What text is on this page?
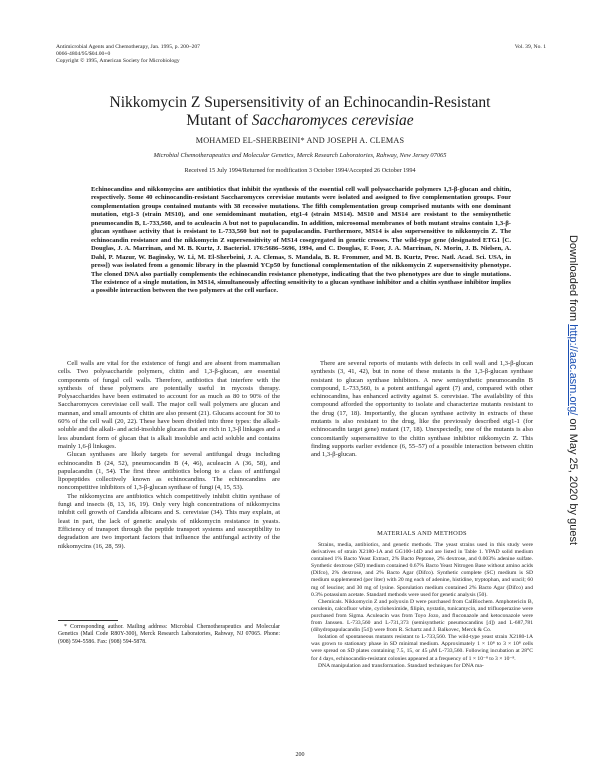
Antimicrobial Agents and Chemotherapy, Jan. 1995, p. 200–207
0066-4804/95/$04.00+0
Copyright © 1995, American Society for Microbiology
Vol. 39, No. 1
Nikkomycin Z Supersensitivity of an Echinocandin-Resistant
Mutant of Saccharomyces cerevisiae
MOHAMED EL-SHERBEINI* AND JOSEPH A. CLEMAS
Microbial Chemotherapeutics and Molecular Genetics, Merck Research Laboratories, Rahway, New Jersey 07065
Received 15 July 1994/Returned for modification 3 October 1994/Accepted 26 October 1994
Echinocandins and nikkomycins are antibiotics that inhibit the synthesis of the essential cell wall polysaccharide polymers 1,3-β-glucan and chitin, respectively. Some 40 echinocandin-resistant Saccharomyces cerevisiae mutants were isolated and assigned to five complementation groups. Four complementation groups contained mutants with 38 recessive mutations. The fifth complementation group comprised mutants with one dominant mutation, etg1-3 (strain MS10), and one semidominant mutation, etg1-4 (strain MS14). MS10 and MS14 are resistant to the semisynthetic pneumocandin B, L-733,560, and to aculeacin A but not to papulacandin. In addition, microsomal membranes of both mutant strains contain 1,3-β-glucan synthase activity that is resistant to L-733,560 but not to papulacandin. Furthermore, MS14 is also supersensitive to nikkomycin Z. The echinocandin resistance and the nikkomycin Z supersensitivity of MS14 cosegregated in genetic crosses. The wild-type gene (designated ETG1 [C. Douglas, J. A. Marrinan, and M. B. Kurtz, J. Bacteriol. 176:5686–5696, 1994, and C. Douglas, F. Foor, J. A. Marrinan, N. Morin, J. B. Nielsen, A. Dahl, P. Mazur, W. Baginsky, W. Li, M. El-Sherbeini, J. A. Clemas, S. Mandala, B. R. Frommer, and M. B. Kurtz, Proc. Natl. Acad. Sci. USA, in press]) was isolated from a genomic library in the plasmid YCp50 by functional complementation of the nikkomycin Z supersensitivity phenotype. The cloned DNA also partially complements the echinocandin resistance phenotype, indicating that the two phenotypes are due to single mutations. The existence of a single mutation, in MS14, simultaneously affecting sensitivity to a glucan synthase inhibitor and a chitin synthase inhibitor implies a possible interaction between the two polymers at the cell surface.

Cell walls are vital for the existence of fungi and are absent from mammalian cells. Two polysaccharide polymers, chitin and 1,3-β-glucan, are essential components of fungal cell walls. Therefore, antibiotics that interfere with the synthesis of these polymers are potentially useful in mycosis therapy. Polysaccharides have been estimated to account for as much as 80 to 90% of the Saccharomyces cerevisiae cell wall. The major cell wall polymers are glucan and mannan, and small amounts of chitin are also present (21). Glucans account for 30 to 60% of the cell wall (20, 22). These have been divided into three types: the alkali-soluble and the alkali- and acid-insoluble glucans that are rich in 1,3-β linkages and a less abundant form of glucan that is alkali insoluble and acid soluble and contains mainly 1,6-β linkages.

Glucan synthases are likely targets for several antifungal drugs including echinocandin B (24, 52), pneumocandin B (4, 46), aculeacin A (36, 58), and papulacandin (1, 54). The first three antibiotics belong to a class of antifungal lipopeptides collectively known as echinocandins. The echinocandins are noncompetitive inhibitors of 1,3-β-glucan synthase of fungi (4, 15, 53).

The nikkomycins are antibiotics which competitively inhibit chitin synthase of fungi and insects (8, 13, 16, 19). Only very high concentrations of nikkomycins inhibit cell growth of Candida albicans and S. cerevisiae (34). This may explain, at least in part, the lack of genetic analysis of nikkomycin resistance in yeasts. Efficiency of transport through the peptide transport systems and susceptibility to degradation are two important factors that influence the antifungal activity of the nikkomycins (16, 28, 59).

* Corresponding author. Mailing address: Microbial Chemotherapeutics and Molecular Genetics (Mail Code R80Y-300), Merck Research Laboratories, Rahway, NJ 07065. Phone: (908) 594-5586. Fax: (908) 594-5878.

There are several reports of mutants with defects in cell wall and 1,3-β-glucan synthesis (3, 41, 42), but in none of these mutants is the 1,3-β-glucan synthase resistant to glucan synthase inhibitors. A new semisynthetic pneumocandin B compound, L-733,560, is a potent antifungal agent (7) and, compared with other echinocandins, has enhanced activity against S. cerevisiae. The availability of this compound afforded the opportunity to isolate and characterize mutants resistant to the drug (17, 18). Importantly, the glucan synthase activity in extracts of these mutants is also resistant to the drug, like the previously described etg1-1 (for echinocandin target gene) mutant (17, 18). Unexpectedly, one of the mutants is also concomitantly supersensitive to the chitin synthase inhibitor nikkomycin Z. This finding supports earlier evidence (6, 55–57) of a possible interaction between chitin and 1,3-β-glucan.

MATERIALS AND METHODS

Strains, media, antibiotics, and genetic methods. The yeast strains used in this study were derivatives of strain X2180-1A and GG100-14D and are listed in Table 1. YPAD solid medium contained 1% Bacto Yeast Extract, 2% Bacto Peptone, 2% dextrose, and 0.003% adenine sulfate. Synthetic dextrose (SD) medium contained 0.67% Bacto Yeast Nitrogen Base without amino acids (Difco), 2% dextrose, and 2% Bacto Agar (Difco). Synthetic complete (SC) medium is SD medium supplemented (per liter) with 20 mg each of adenine, histidine, tryptophan, and uracil; 60 mg of leucine; and 30 mg of lysine. Sporulation medium contained 2% Bacto Agar (Difco) and 0.3% potassium acetate. Standard methods were used for genetic analysis (50).

Chemicals. Nikkomycin Z and polyoxin D were purchased from CalBiochem. Amphotericin B, cerulenin, calcofluor white, cycloheximide, filipin, nystatin, tunicamycin, and trifluoperazine were purchased from Sigma. Aculeacin was from Toyo Jozo, and fluconazole and ketoconazole were from Janssen. L-733,560 and L-731,373 (semisynthetic pneumocandins [4]) and L-687,781 (dihydropapulacandin [54]) were from R. Schartz and J. Balkovec, Merck & Co.

Isolation of spontaneous mutants resistant to L-733,560. The wild-type yeast strain X2180-1A was grown to stationary phase in SD minimal medium. Approximately 1 × 10⁸ to 3 × 10⁸ cells were spread on SD plates containing 7.5, 15, or 45 μM L-733,560. Following incubation at 28°C for 4 days, echinocandin-resistant colonies appeared at a frequency of 1 × 10⁻⁸ to 3 × 10⁻⁸.

DNA manipulation and transformation. Standard techniques for DNA ma-

200
Downloaded from http://aac.asm.org/ on May 25, 2020 by guest
